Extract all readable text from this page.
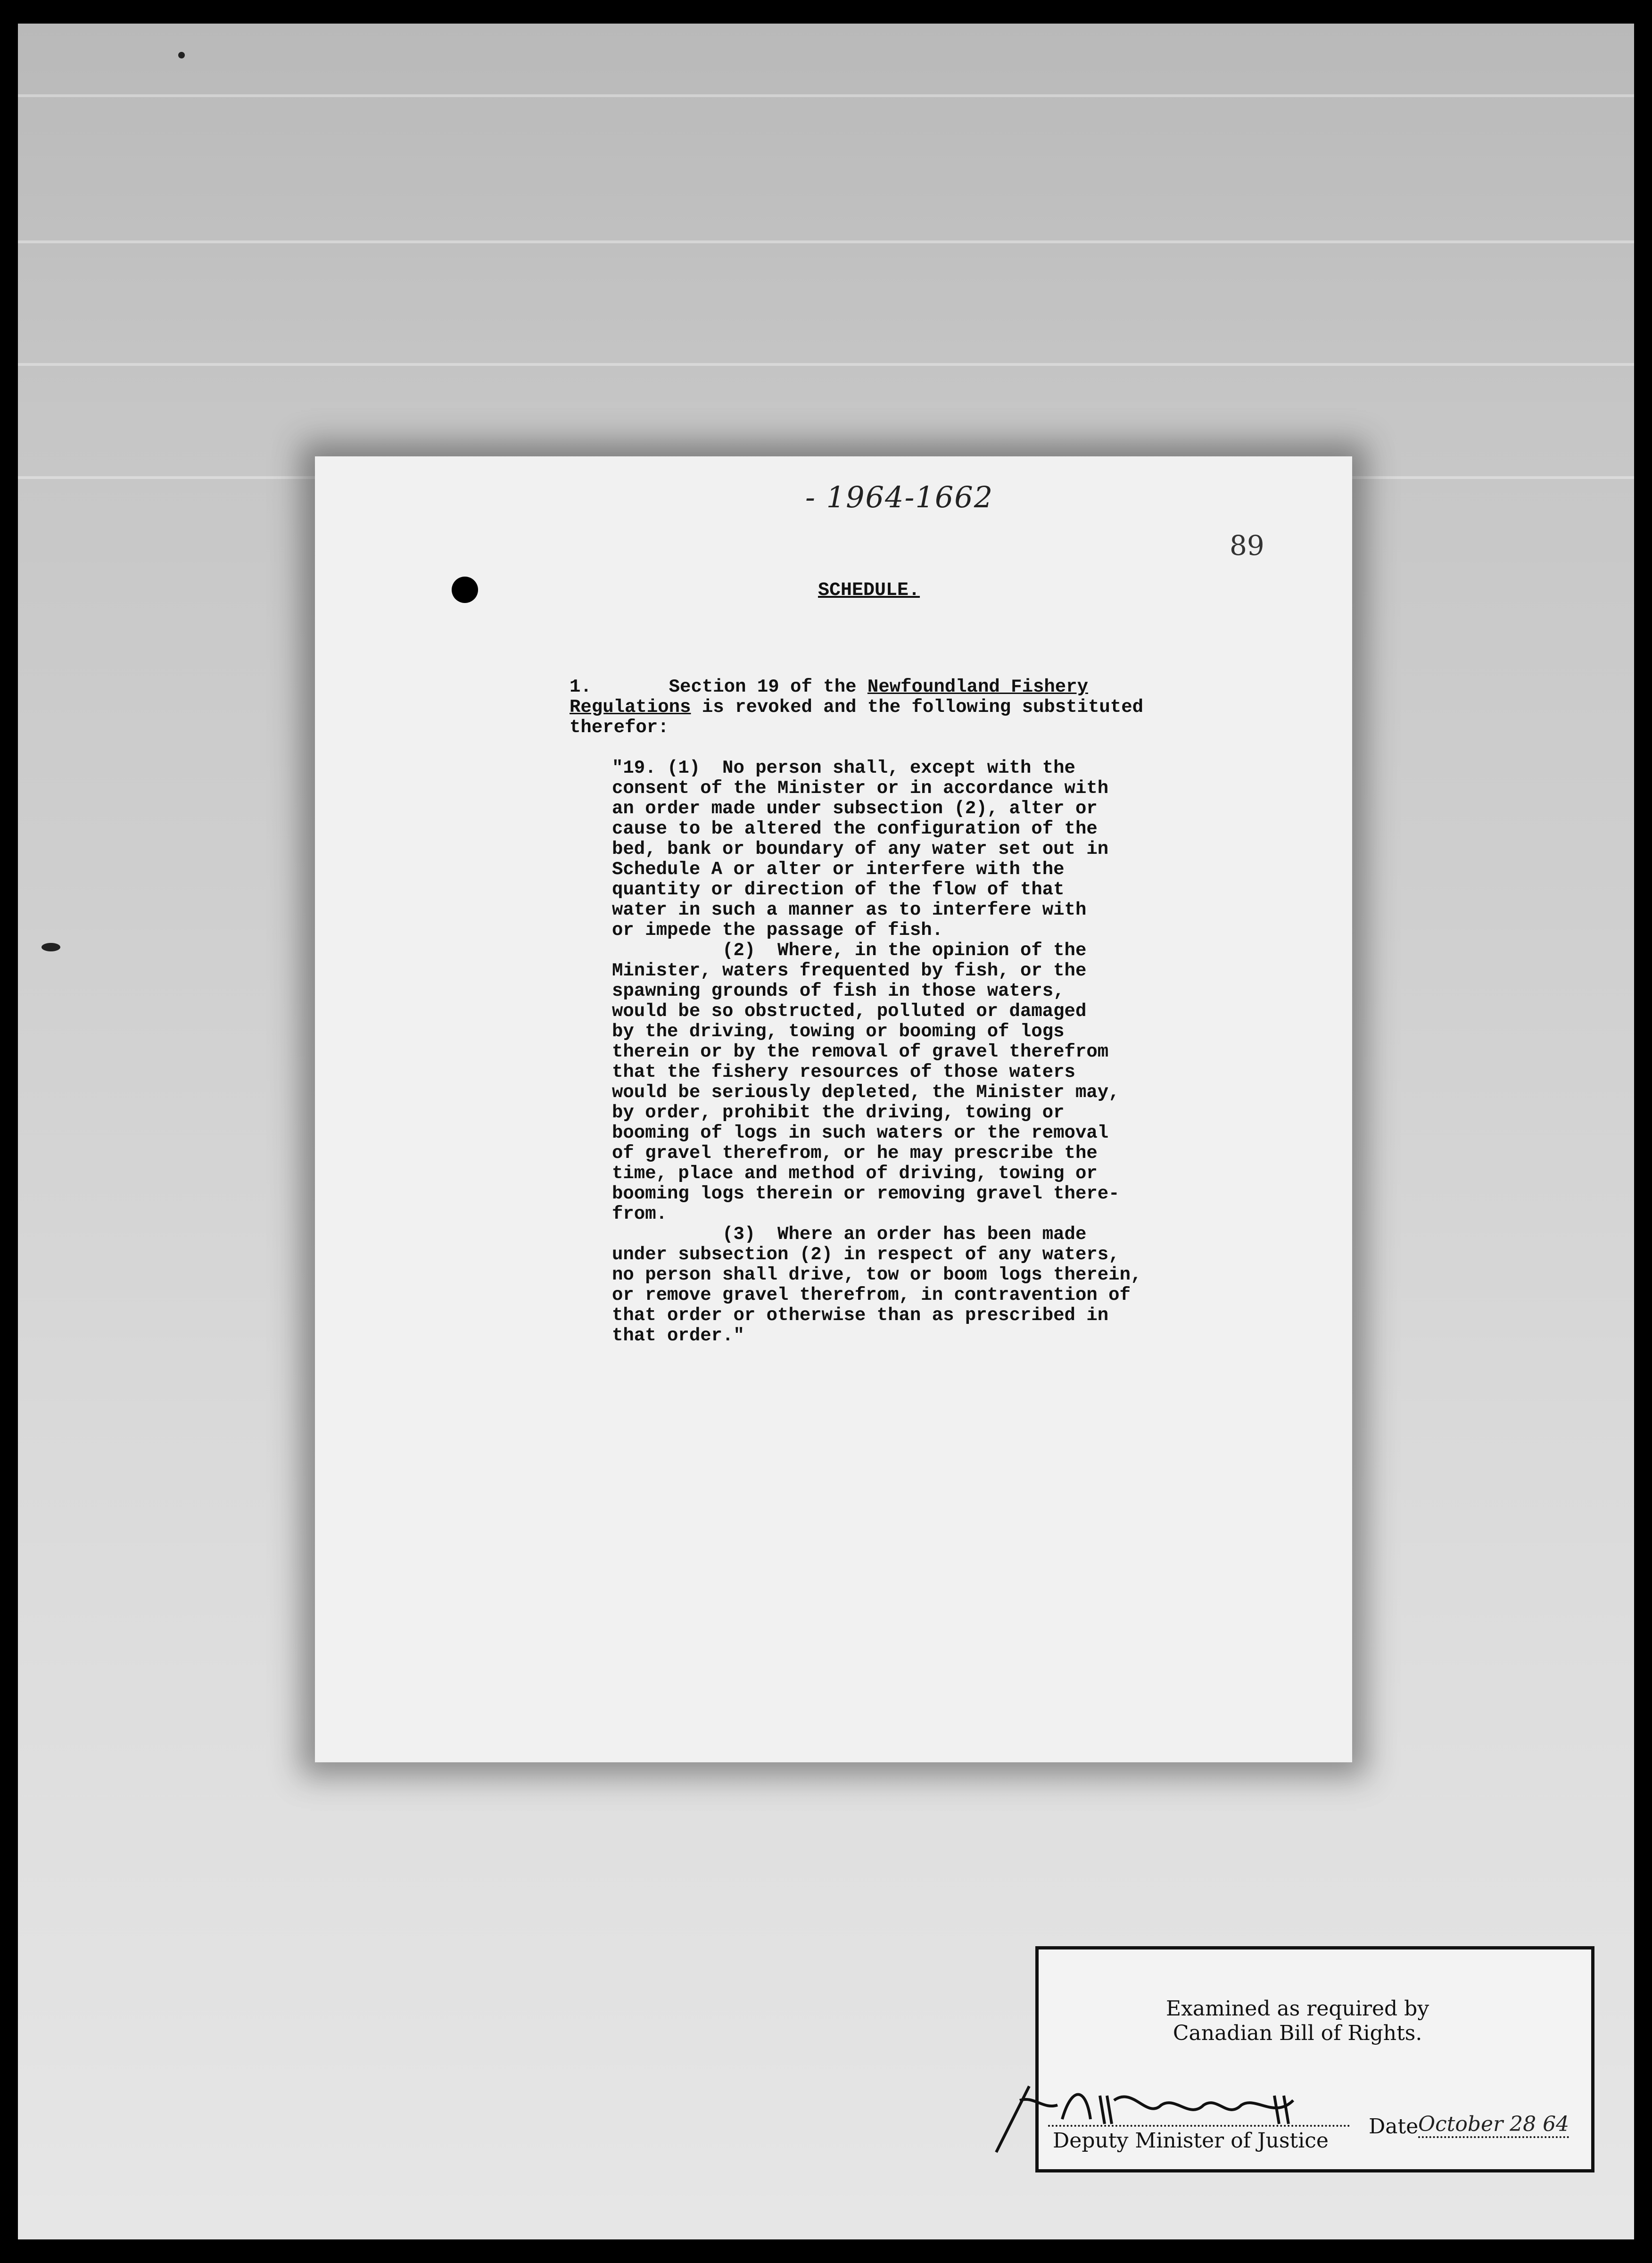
- 1964-1662
89
SCHEDULE.
1.	Section 19 of the Newfoundland Fishery
Regulations is revoked and the following substituted
therefor:
"19. (1)  No person shall, except with the
consent of the Minister or in accordance with
an order made under subsection (2), alter or
cause to be altered the configuration of the
bed, bank or boundary of any water set out in
Schedule A or alter or interfere with the
quantity or direction of the flow of that
water in such a manner as to interfere with
or impede the passage of fish.
(2)  Where, in the opinion of the
Minister, waters frequented by fish, or the
spawning grounds of fish in those waters,
would be so obstructed, polluted or damaged
by the driving, towing or booming of logs
therein or by the removal of gravel therefrom
that the fishery resources of those waters
would be seriously depleted, the Minister may,
by order, prohibit the driving, towing or
booming of logs in such waters or the removal
of gravel therefrom, or he may prescribe the
time, place and method of driving, towing or
booming logs therein or removing gravel there-
from.
(3)  Where an order has been made
under subsection (2) in respect of any waters,
no person shall drive, tow or boom logs therein,
or remove gravel therefrom, in contravention of
that order or otherwise than as prescribed in
that order."
Examined as required by
Canadian Bill of Rights.
Deputy Minister of Justice
Date October 28 64
